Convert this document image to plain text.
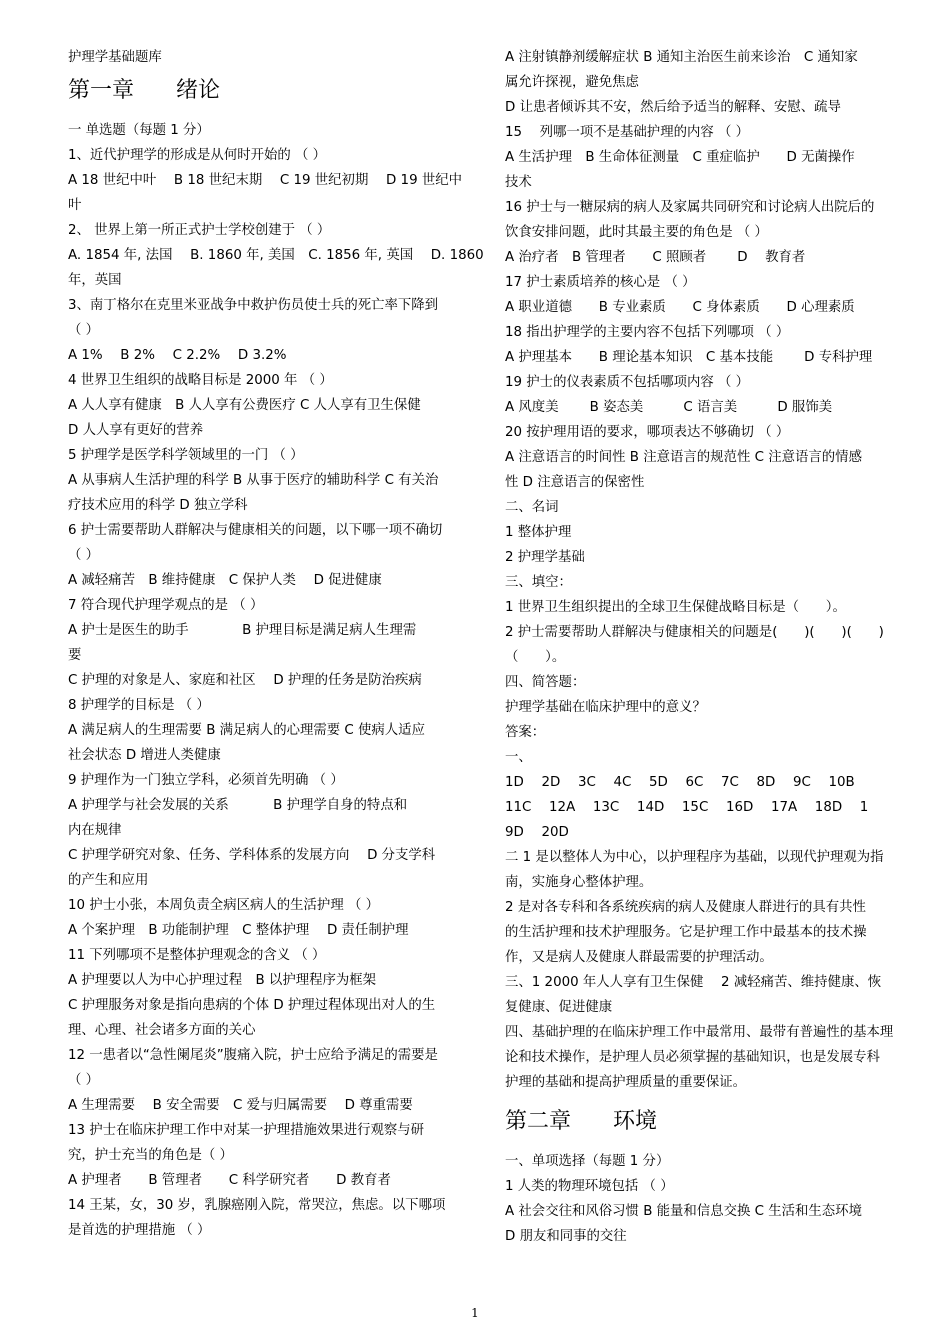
护理学基础题库
第一章 绪论
一 单选题（每题 1 分）
1、近代护理学的形成是从何时开始的 （ ）
A 18 世纪中叶　 B 18 世纪末期　 C 19 世纪初期　 D 19 世纪中
叶
2、 世界上第一所正式护士学校创建于 （ ）
A. 1854 年, 法国　 B. 1860 年, 美国　C. 1856 年, 英国　 D. 1860
年，英国
3、南丁格尔在克里米亚战争中救护伤员使士兵的死亡率下降到
（ ）
A 1%　 B 2%　 C 2.2%　 D 3.2%
4 世界卫生组织的战略目标是 2000 年 （ ）
A 人人享有健康　B 人人享有公费医疗 C 人人享有卫生保健
D 人人享有更好的营养
5 护理学是医学科学领域里的一门 （ ）
A 从事病人生活护理的科学 B 从事于医疗的辅助科学 C 有关治
疗技术应用的科学 D 独立学科
6 护士需要帮助人群解决与健康相关的问题，以下哪一项不确切
（ ）
A 减轻痛苦　B 维持健康　C 保护人类　 D 促进健康
7 符合现代护理学观点的是 （ ）
A 护士是医生的助手　　　　B 护理目标是满足病人生理需
要
C 护理的对象是人、家庭和社区　 D 护理的任务是防治疾病
8 护理学的目标是 （ ）
A 满足病人的生理需要 B 满足病人的心理需要 C 使病人适应
社会状态 D 增进人类健康
9 护理作为一门独立学科，必须首先明确 （ ）
A 护理学与社会发展的关系　　　 B 护理学自身的特点和
内在规律
C 护理学研究对象、任务、学科体系的发展方向　 D 分支学科
的产生和应用
10 护士小张，本周负责全病区病人的生活护理 （ ）
A 个案护理　B 功能制护理　C 整体护理　 D 责任制护理
11 下列哪项不是整体护理观念的含义 （ ）
A 护理要以人为中心护理过程　B 以护理程序为框架
C 护理服务对象是指向患病的个体 D 护理过程体现出对人的生
理、心理、社会诸多方面的关心
12 一患者以“急性阑尾炎”腹痛入院，护士应给予满足的需要是
（ ）
A 生理需要　 B 安全需要　C 爱与归属需要　 D 尊重需要
13 护士在临床护理工作中对某一护理措施效果进行观察与研
究，护士充当的角色是（ ）
A 护理者　　B 管理者　　C 科学研究者　　D 教育者
14 王某，女，30 岁，乳腺癌刚入院，常哭泣，焦虑。以下哪项
是首选的护理措施 （ ）
A 注射镇静剂缓解症状 B 通知主治医生前来诊治　C 通知家
属允许探视，避免焦虑
D 让患者倾诉其不安，然后给予适当的解释、安慰、疏导
15　 列哪一项不是基础护理的内容 （ ）
A 生活护理　B 生命体征测量　C 重症临护　　D 无菌操作
技术
16 护士与一糖尿病的病人及家属共同研究和讨论病人出院后的
饮食安排问题，此时其最主要的角色是 （ ）
A 治疗者　B 管理者　　C 照顾者　　 D　 教育者
17 护士素质培养的核心是 （ ）
A 职业道德　　B 专业素质　　C 身体素质　　D 心理素质
18 指出护理学的主要内容不包括下列哪项 （ ）
A 护理基本　　B 理论基本知识　C 基本技能　　 D 专科护理
19 护士的仪表素质不包括哪项内容 （ ）
A 风度美　　 B 姿态美　　　C 语言美　　　D 服饰美
20 按护理用语的要求，哪项表达不够确切 （ ）
A 注意语言的时间性 B 注意语言的规范性 C 注意语言的情感
性 D 注意语言的保密性
二、名词
1 整体护理
2 护理学基础
三、填空：
1 世界卫生组织提出的全球卫生保健战略目标是（　　）。
2 护士需要帮助人群解决与健康相关的问题是(　　)(　　)(　　)
（　　）。
四、简答题：
护理学基础在临床护理中的意义？
答案：
一、
1D　 2D　 3C　 4C　 5D　 6C　 7C　 8D　 9C　 10B
11C　 12A　 13C　 14D　 15C　 16D　 17A　 18D　 1
9D　 20D
二 1 是以整体人为中心，以护理程序为基础，以现代护理观为指
南，实施身心整体护理。
2 是对各专科和各系统疾病的病人及健康人群进行的具有共性
的生活护理和技术护理服务。它是护理工作中最基本的技术操
作，又是病人及健康人群最需要的护理活动。
三、1 2000 年人人享有卫生保健　 2 减轻痛苦、维持健康、恢
复健康、促进健康
四、基础护理的在临床护理工作中最常用、最带有普遍性的基本理
论和技术操作，是护理人员必须掌握的基础知识，也是发展专科
护理的基础和提高护理质量的重要保证。
第二章 环境
一、单项选择（每题 1 分）
1 人类的物理环境包括 （ ）
A 社会交往和风俗习惯 B 能量和信息交换 C 生活和生态环境
D 朋友和同事的交往
1
